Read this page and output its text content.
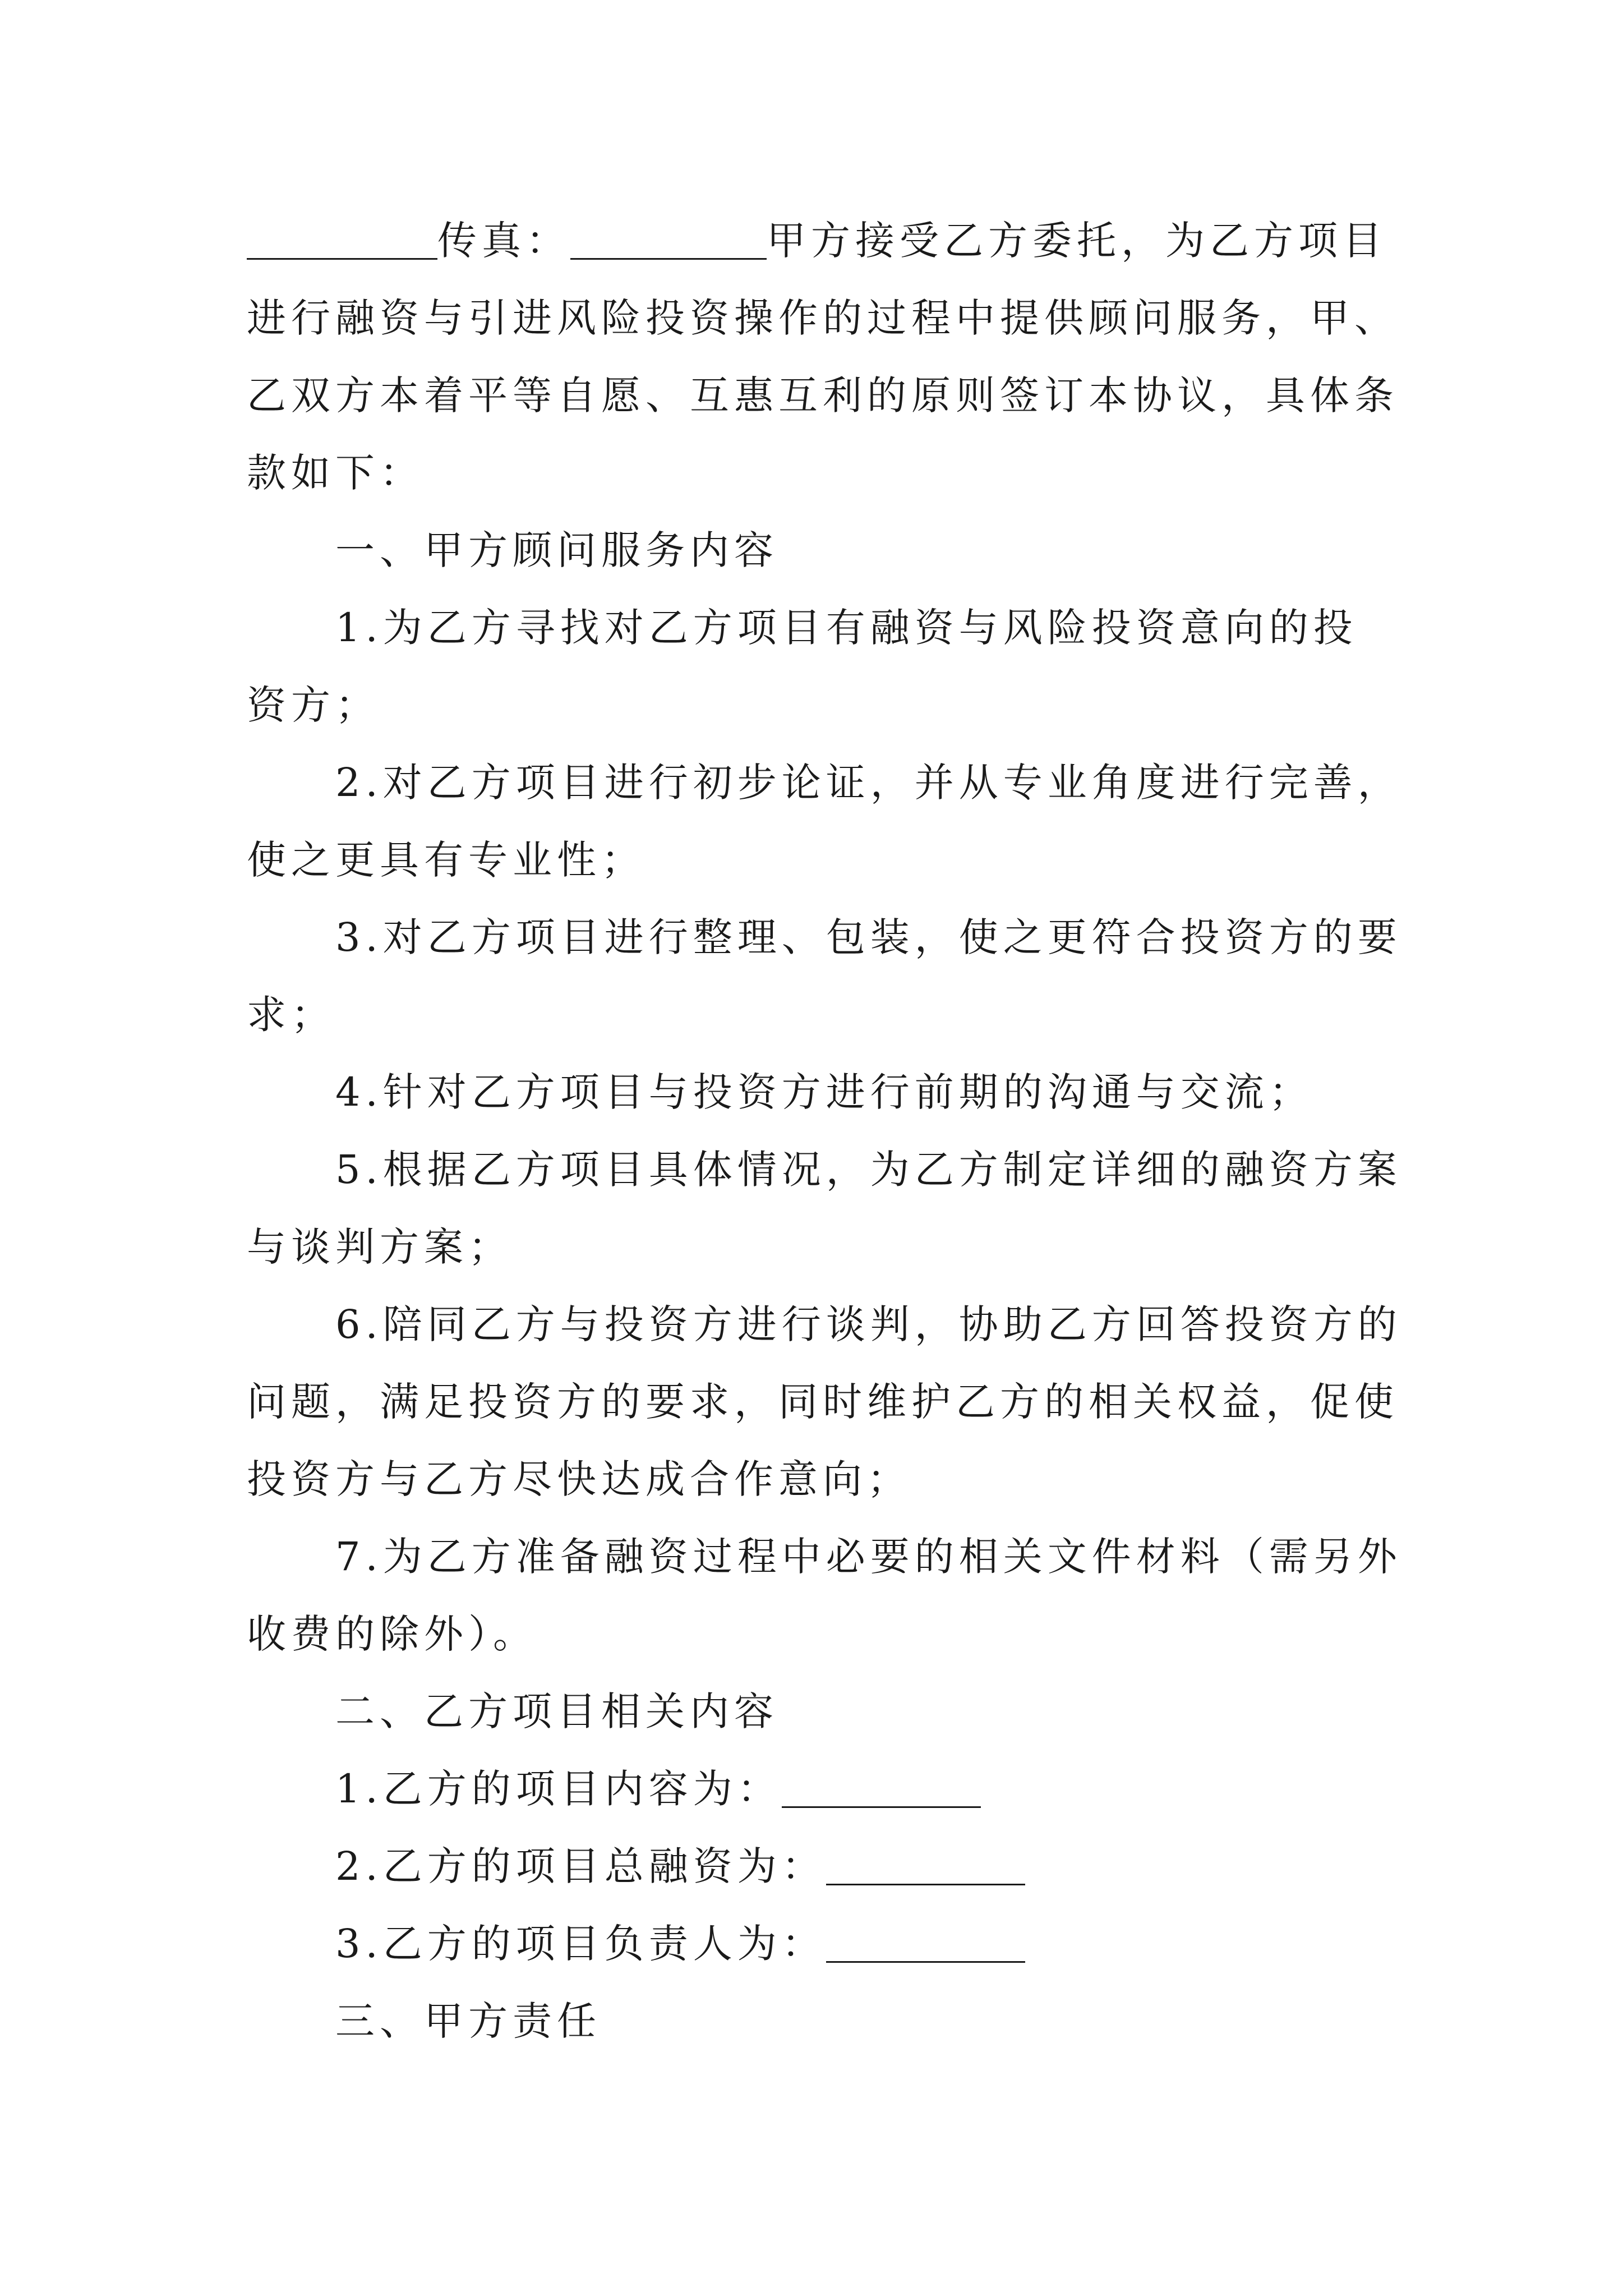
传真：	甲方接受乙方委托，为乙方项目
进行融资与引进风险投资操作的过程中提供顾问服务，甲、
乙双方本着平等自愿、互惠互利的原则签订本协议，具体条
款如下：
一、甲方顾问服务内容
1.为乙方寻找对乙方项目有融资与风险投资意向的投
资方；
2.对乙方项目进行初步论证，并从专业角度进行完善，
使之更具有专业性；
3.对乙方项目进行整理、包装，使之更符合投资方的要
求；
4.针对乙方项目与投资方进行前期的沟通与交流；
5.根据乙方项目具体情况，为乙方制定详细的融资方案
与谈判方案；
6.陪同乙方与投资方进行谈判，协助乙方回答投资方的
问题，满足投资方的要求，同时维护乙方的相关权益，促使
投资方与乙方尽快达成合作意向；
7.为乙方准备融资过程中必要的相关文件材料（需另外
收费的除外）。
二、乙方项目相关内容
1.乙方的项目内容为：
2.乙方的项目总融资为：
3.乙方的项目负责人为：
三、甲方责任
